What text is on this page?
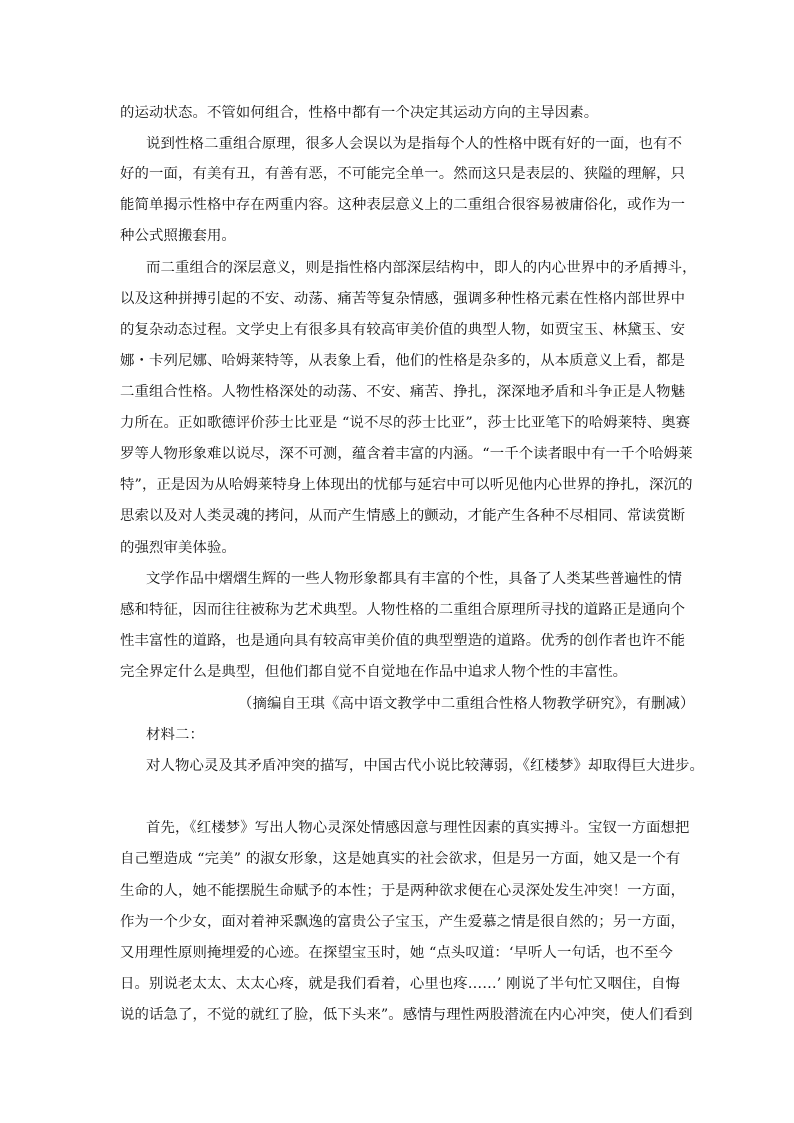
的运动状态。不管如何组合，性格中都有一个决定其运动方向的主导因素。
说到性格二重组合原理，很多人会误以为是指每个人的性格中既有好的一面，也有不
好的一面，有美有丑，有善有恶，不可能完全单一。然而这只是表层的、狭隘的理解，只
能简单揭示性格中存在两重内容。这种表层意义上的二重组合很容易被庸俗化，或作为一
种公式照搬套用。
而二重组合的深层意义，则是指性格内部深层结构中，即人的内心世界中的矛盾搏斗，
以及这种拼搏引起的不安、动荡、痛苦等复杂情感，强调多种性格元素在性格内部世界中
的复杂动态过程。文学史上有很多具有较高审美价值的典型人物，如贾宝玉、林黛玉、安
娜・卡列尼娜、哈姆莱特等，从表象上看，他们的性格是杂多的，从本质意义上看，都是
二重组合性格。人物性格深处的动荡、不安、痛苦、挣扎，深深地矛盾和斗争正是人物魅
力所在。正如歌德评价莎士比亚是 “说不尽的莎士比亚”，莎士比亚笔下的哈姆莱特、奥赛
罗等人物形象难以说尽，深不可测，蕴含着丰富的内涵。“一千个读者眼中有一千个哈姆莱
特”，正是因为从哈姆莱特身上体现出的忧郁与延宕中可以听见他内心世界的挣扎，深沉的
思索以及对人类灵魂的拷问，从而产生情感上的颤动，才能产生各种不尽相同、常读赏断
的强烈审美体验。
文学作品中熠熠生辉的一些人物形象都具有丰富的个性，具备了人类某些普遍性的情
感和特征，因而往往被称为艺术典型。人物性格的二重组合原理所寻找的道路正是通向个
性丰富性的道路，也是通向具有较高审美价值的典型塑造的道路。优秀的创作者也许不能
完全界定什么是典型，但他们都自觉不自觉地在作品中追求人物个性的丰富性。
（摘编自王琪《高中语文教学中二重组合性格人物教学研究》，有删减）
材料二：
对人物心灵及其矛盾冲突的描写，中国古代小说比较薄弱，《红楼梦》却取得巨大进步。
首先，《红楼梦》写出人物心灵深处情感因意与理性因素的真实搏斗。宝钗一方面想把
自己塑造成 “完美” 的淑女形象，这是她真实的社会欲求，但是另一方面，她又是一个有
生命的人，她不能摆脱生命赋予的本性；于是两种欲求便在心灵深处发生冲突！一方面，
作为一个少女，面对着神采飘逸的富贵公子宝玉，产生爱慕之情是很自然的；另一方面，
又用理性原则掩埋爱的心迹。在探望宝玉时，她 “点头叹道：‘早听人一句话，也不至今
日。别说老太太、太太心疼，就是我们看着，心里也疼……’ 刚说了半句忙又咽住，自悔
说的话急了，不觉的就红了脸，低下头来”。感情与理性两股潜流在内心冲突，使人们看到
